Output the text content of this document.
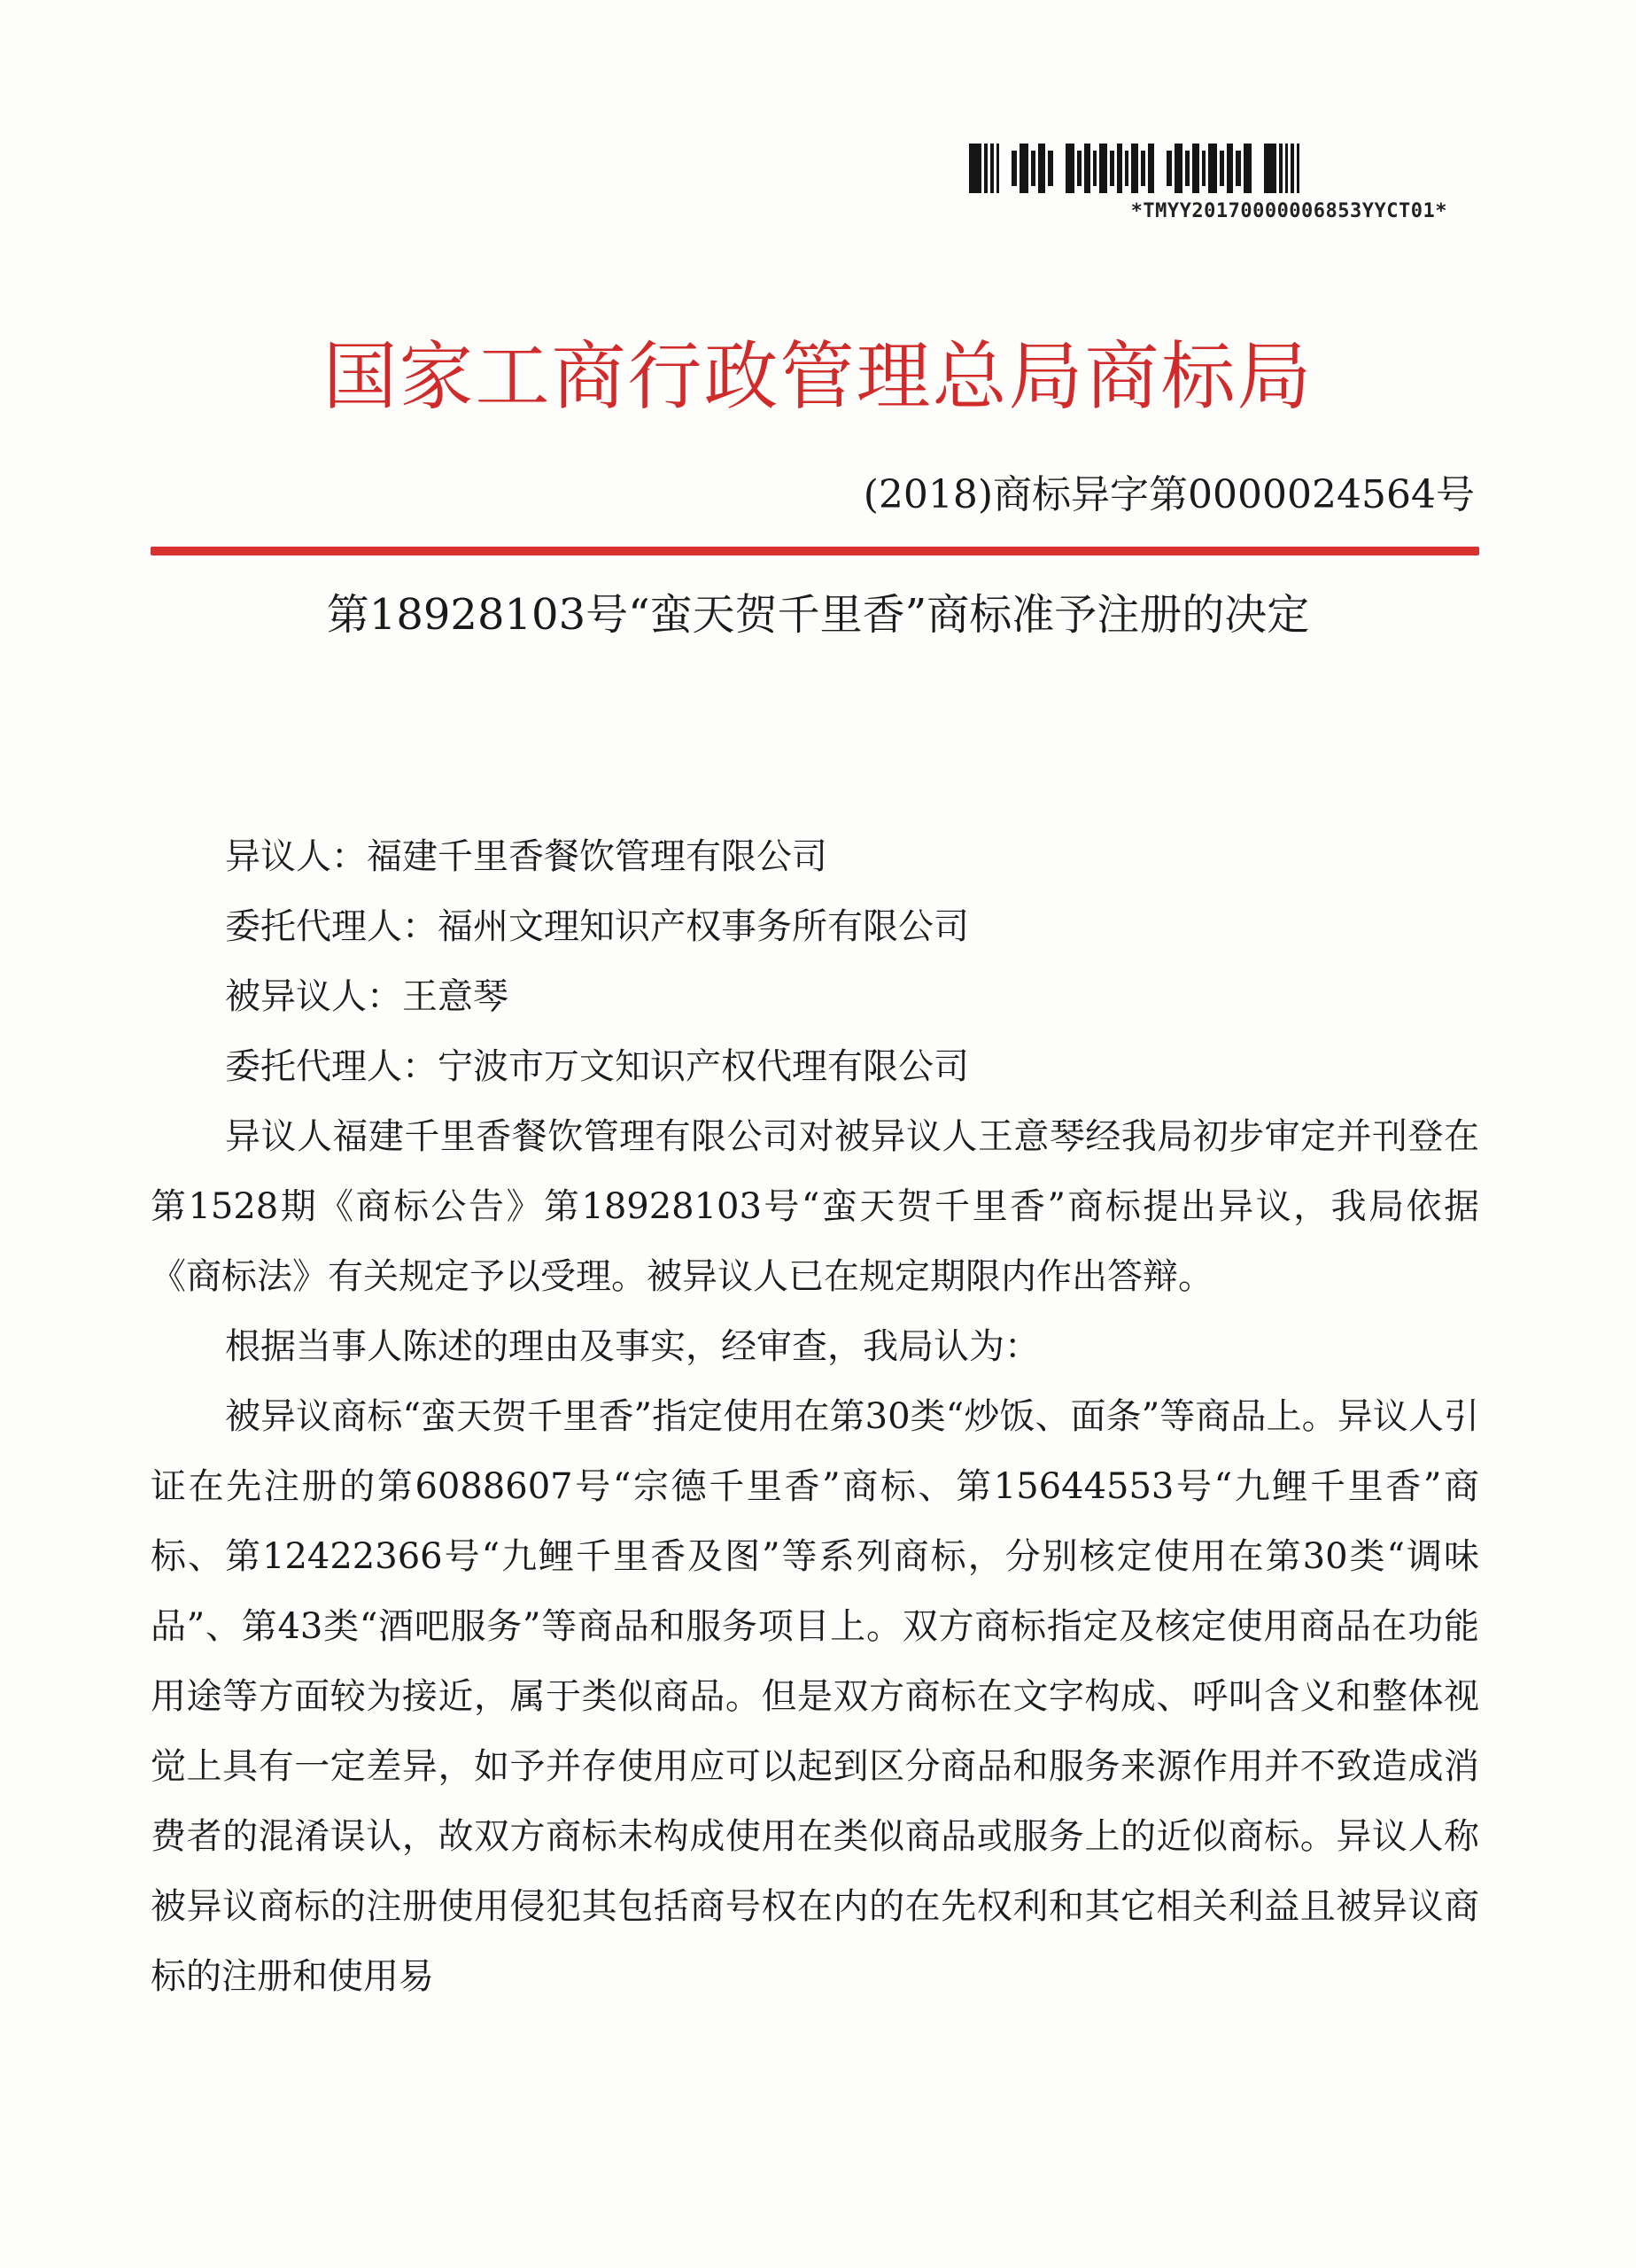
*TMYY20170000006853YYCT01*
国家工商行政管理总局商标局
(2018)商标异字第0000024564号
第18928103号“蛮天贺千里香”商标准予注册的决定
异议人：福建千里香餐饮管理有限公司
委托代理人：福州文理知识产权事务所有限公司
被异议人：王意琴
委托代理人：宁波市万文知识产权代理有限公司
异议人福建千里香餐饮管理有限公司对被异议人王意琴经我局初步审定并刊登在第1528期《商标公告》第18928103号“蛮天贺千里香”商标提出异议，我局依据《商标法》有关规定予以受理。被异议人已在规定期限内作出答辩。
根据当事人陈述的理由及事实，经审查，我局认为：
被异议商标“蛮天贺千里香”指定使用在第30类“炒饭、面条”等商品上。异议人引证在先注册的第6088607号“宗德千里香”商标、第15644553号“九鲤千里香”商标、第12422366号“九鲤千里香及图”等系列商标，分别核定使用在第30类“调味品”、第43类“酒吧服务”等商品和服务项目上。双方商标指定及核定使用商品在功能用途等方面较为接近，属于类似商品。但是双方商标在文字构成、呼叫含义和整体视觉上具有一定差异，如予并存使用应可以起到区分商品和服务来源作用并不致造成消费者的混淆误认，故双方商标未构成使用在类似商品或服务上的近似商标。异议人称被异议商标的注册使用侵犯其包括商号权在内的在先权利和其它相关利益且被异议商标的注册和使用易
